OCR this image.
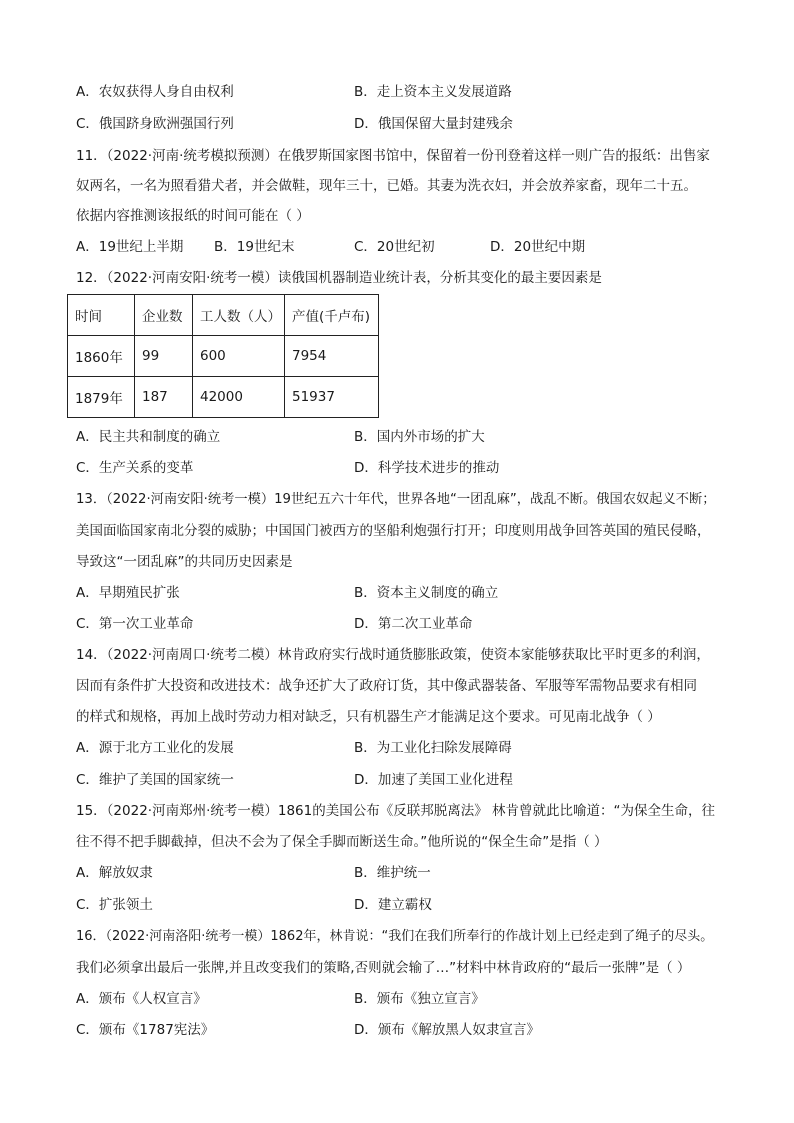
A．农奴获得人身自由权利	B．走上资本主义发展道路
C．俄国跻身欧洲强国行列	D．俄国保留大量封建残余
11．（2022·河南·统考模拟预测）在俄罗斯国家图书馆中，保留着一份刊登着这样一则广告的报纸：出售家
奴两名，一名为照看猎犬者，并会做鞋，现年三十，已婚。其妻为洗衣妇，并会放养家畜，现年二十五。
依据内容推测该报纸的时间可能在（ ）
A．19世纪上半期 B．19世纪末	C．20世纪初	D．20世纪中期
12．（2022·河南安阳·统考一模）读俄国机器制造业统计表，分析其变化的最主要因素是
时间	企业数	工人数（人）	产值(千卢布)
1860年	99	600	7954
1879年	187	42000	51937
A．民主共和制度的确立	B．国内外市场的扩大
C．生产关系的变革	D．科学技术进步的推动
13．（2022·河南安阳·统考一模）19世纪五六十年代，世界各地“一团乱麻”，战乱不断。俄国农奴起义不断；
美国面临国家南北分裂的威胁；中国国门被西方的坚船利炮强行打开；印度则用战争回答英国的殖民侵略，
导致这“一团乱麻”的共同历史因素是
A．早期殖民扩张	B．资本主义制度的确立
C．第一次工业革命	D．第二次工业革命
14．（2022·河南周口·统考二模）林肯政府实行战时通货膨胀政策，使资本家能够获取比平时更多的利润，
因而有条件扩大投资和改进技术：战争还扩大了政府订货，其中像武器装备、军服等军需物品要求有相同
的样式和规格，再加上战时劳动力相对缺乏，只有机器生产才能满足这个要求。可见南北战争（ ）
A．源于北方工业化的发展	B．为工业化扫除发展障碍
C．维护了美国的国家统一	D．加速了美国工业化进程
15．（2022·河南郑州·统考一模）1861的美国公布《反联邦脱离法》 林肯曾就此比喻道：“为保全生命，往
往不得不把手脚截掉，但决不会为了保全手脚而断送生命。”他所说的“保全生命”是指（ ）
A．解放奴隶	B．维护统一
C．扩张领土	D．建立霸权
16．（2022·河南洛阳·统考一模）1862年，林肯说：“我们在我们所奉行的作战计划上已经走到了绳子的尽头。
我们必须拿出最后一张牌,并且改变我们的策略,否则就会输了…”材料中林肯政府的“最后一张牌”是（ ）
A．颁布《人权宣言》	B．颁布《独立宣言》
C．颁布《1787宪法》	D．颁布《解放黑人奴隶宣言》
